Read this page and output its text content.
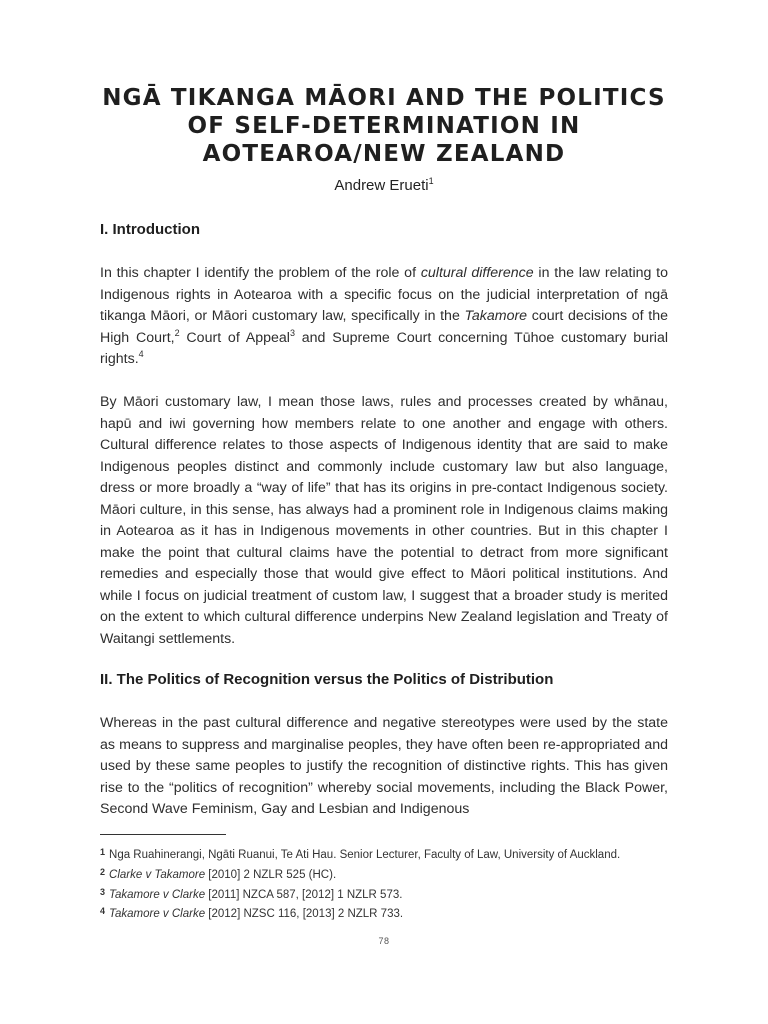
NGĀ TIKANGA MĀORI AND THE POLITICS OF SELF-DETERMINATION IN AOTEAROA/NEW ZEALAND
Andrew Erueti$^1$
I. Introduction

In this chapter I identify the problem of the role of cultural difference in the law relating to Indigenous rights in Aotearoa with a specific focus on the judicial interpretation of ngā tikanga Māori, or Māori customary law, specifically in the Takamore court decisions of the High Court,$^2$ Court of Appeal$^3$ and Supreme Court concerning Tūhoe customary burial rights.$^4$

By Māori customary law, I mean those laws, rules and processes created by whānau, hapū and iwi governing how members relate to one another and engage with others. Cultural difference relates to those aspects of Indigenous identity that are said to make Indigenous peoples distinct and commonly include customary law but also language, dress or more broadly a “way of life” that has its origins in pre-contact Indigenous society. Māori culture, in this sense, has always had a prominent role in Indigenous claims making in Aotearoa as it has in Indigenous movements in other countries. But in this chapter I make the point that cultural claims have the potential to detract from more significant remedies and especially those that would give effect to Māori political institutions. And while I focus on judicial treatment of custom law, I suggest that a broader study is merited on the extent to which cultural difference underpins New Zealand legislation and Treaty of Waitangi settlements.

II. The Politics of Recognition versus the Politics of Distribution

Whereas in the past cultural difference and negative stereotypes were used by the state as means to suppress and marginalise peoples, they have often been re-appropriated and used by these same peoples to justify the recognition of distinctive rights. This has given rise to the “politics of recognition” whereby social movements, including the Black Power, Second Wave Feminism, Gay and Lesbian and Indigenous

$^1$ Nga Ruahinerangi, Ngāti Ruanui, Te Ati Hau. Senior Lecturer, Faculty of Law, University of Auckland.

$^2$ Clarke v Takamore [2010] 2 NZLR 525 (HC).

$^3$ Takamore v Clarke [2011] NZCA 587, [2012] 1 NZLR 573.

$^4$ Takamore v Clarke [2012] NZSC 116, [2013] 2 NZLR 733.

78
